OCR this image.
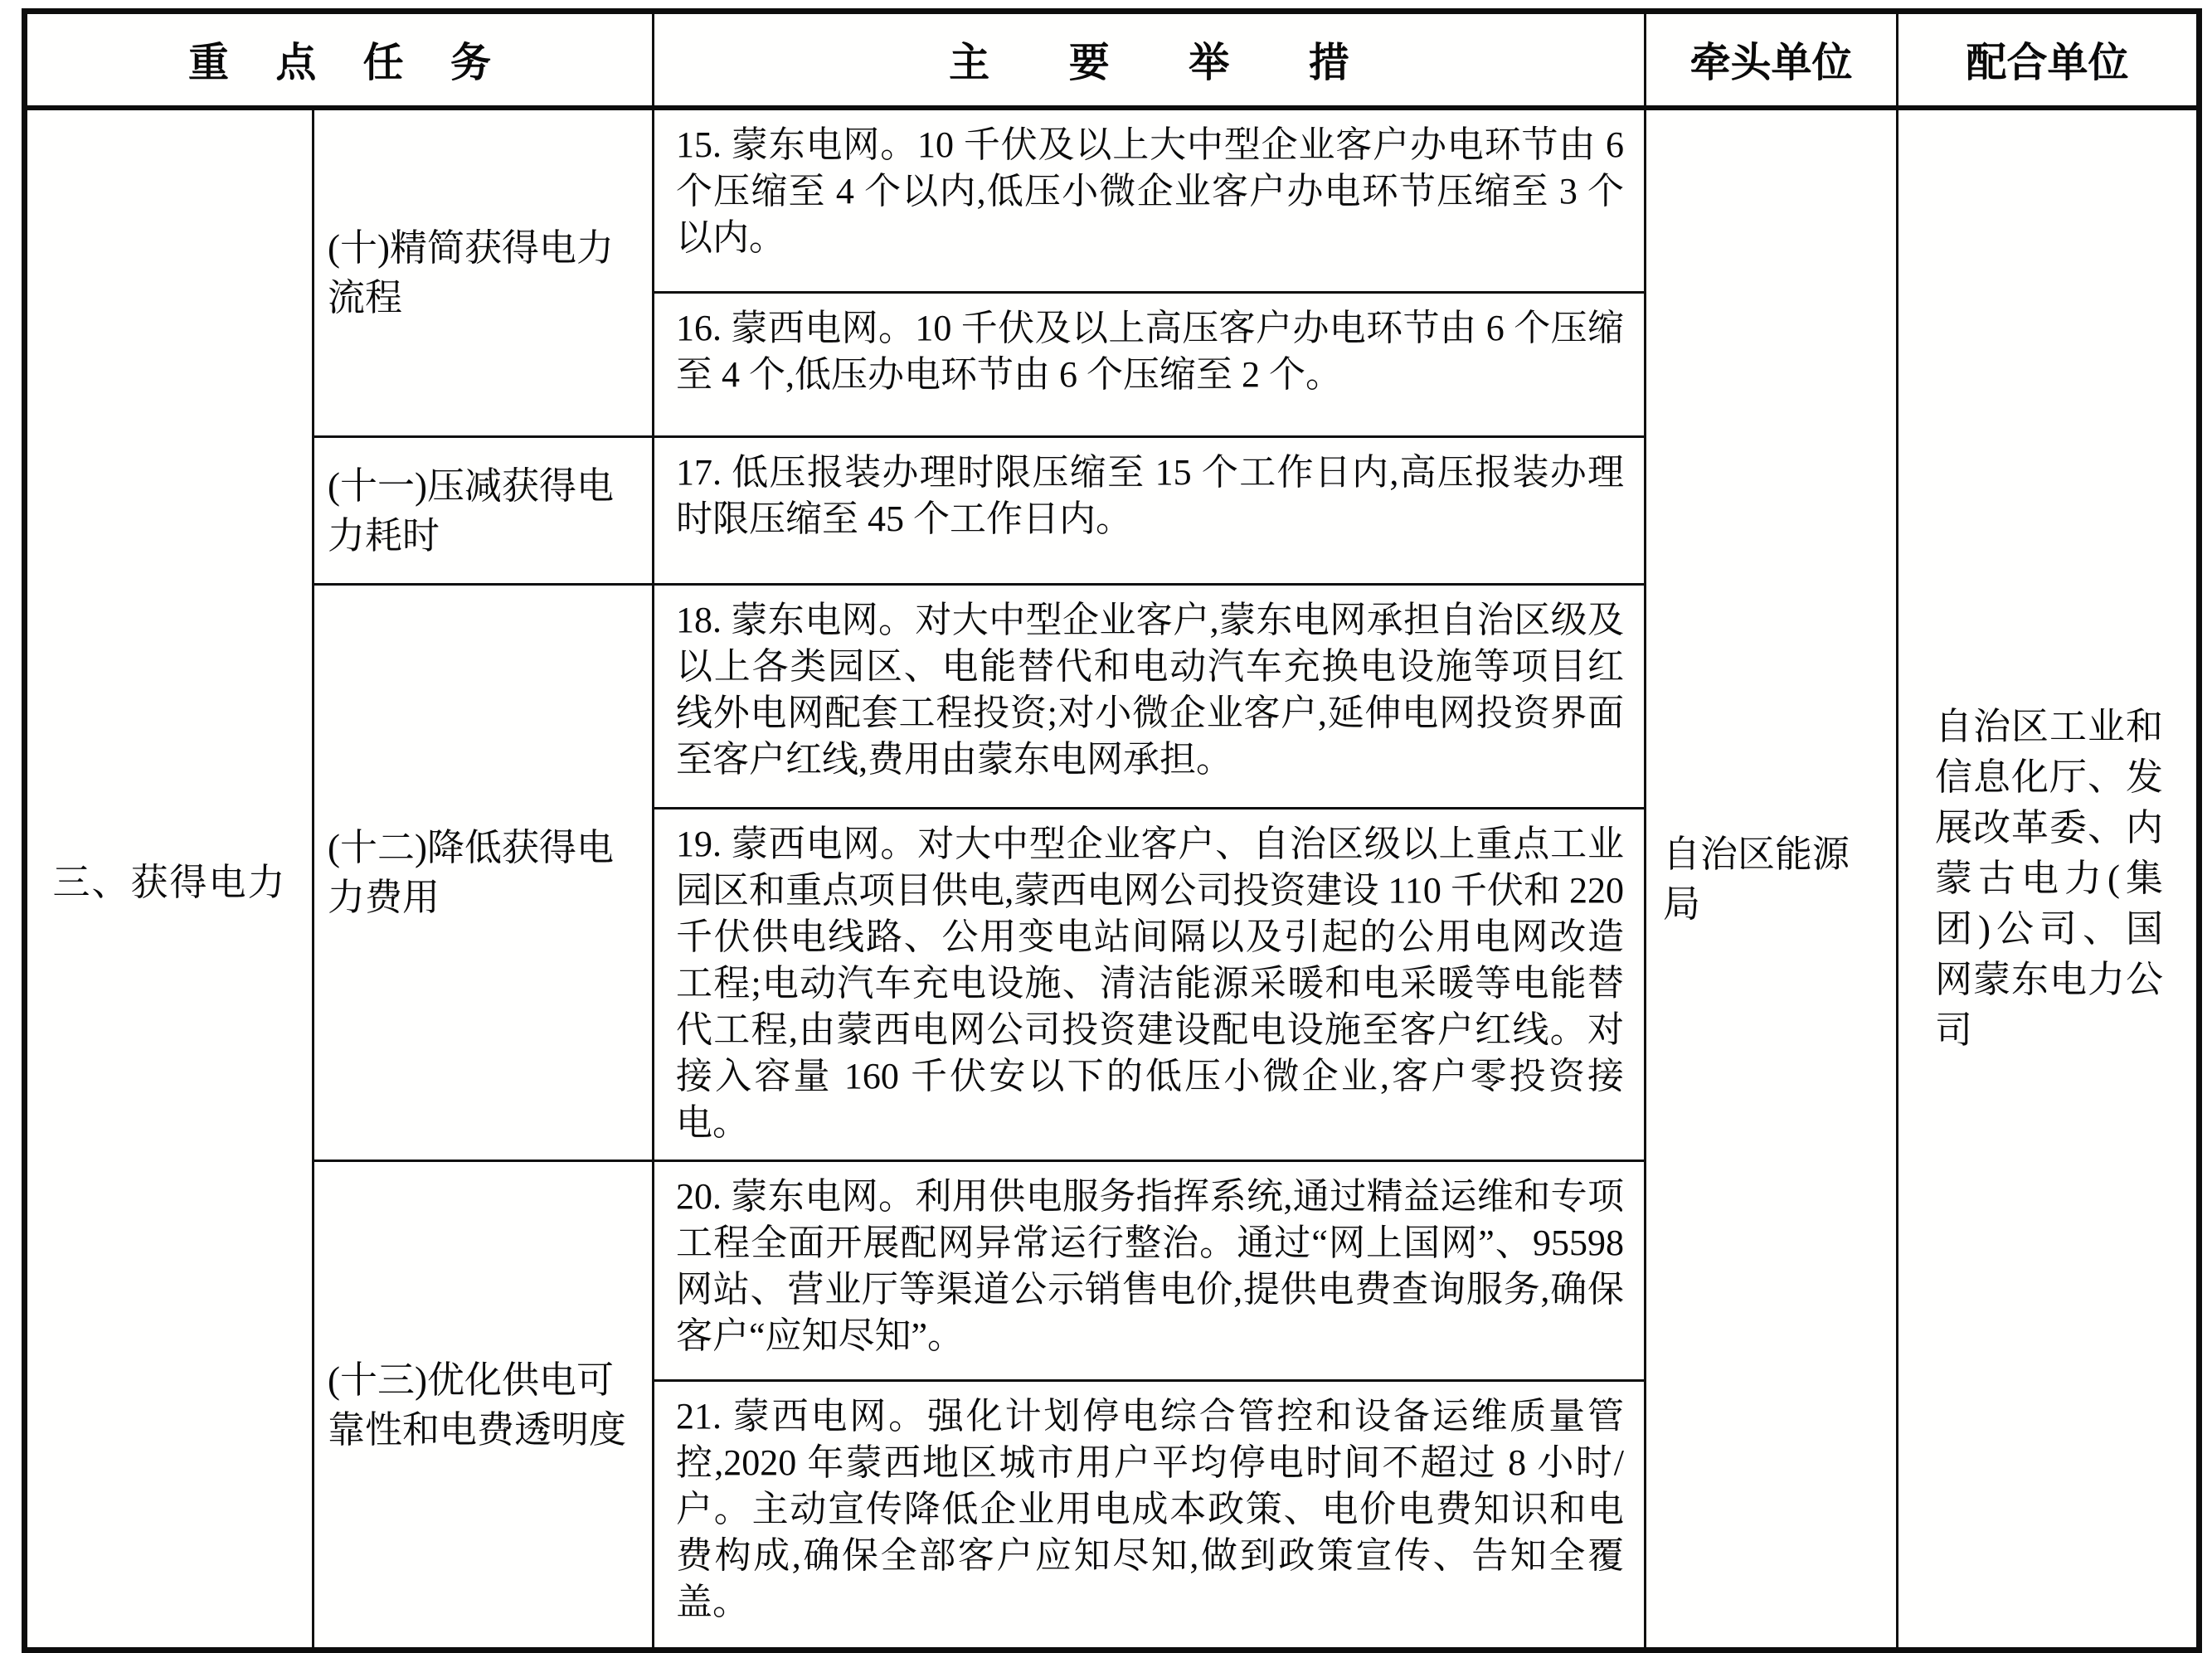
重点任务		主要举措	牵头单位	配合单位
三、获得电力	(十)精简获得电力流程	15. 蒙东电网。10 千伏及以上大中型企业客户办电环节由 6 个压缩至 4 个以内,低压小微企业客户办电环节压缩至 3 个以内。	自治区能源局	自治区工业和信息化厅、发展改革委、内蒙古电力(集团)公司、国网蒙东电力公司
		16. 蒙西电网。10 千伏及以上高压客户办电环节由 6 个压缩至 4 个,低压办电环节由 6 个压缩至 2 个。		
	(十一)压减获得电力耗时	17. 低压报装办理时限压缩至 15 个工作日内,高压报装办理时限压缩至 45 个工作日内。		
	(十二)降低获得电力费用	18. 蒙东电网。对大中型企业客户,蒙东电网承担自治区级及以上各类园区、电能替代和电动汽车充换电设施等项目红线外电网配套工程投资;对小微企业客户,延伸电网投资界面至客户红线,费用由蒙东电网承担。		
		19. 蒙西电网。对大中型企业客户、自治区级以上重点工业园区和重点项目供电,蒙西电网公司投资建设 110 千伏和 220 千伏供电线路、公用变电站间隔以及引起的公用电网改造工程;电动汽车充电设施、清洁能源采暖和电采暖等电能替代工程,由蒙西电网公司投资建设配电设施至客户红线。对接入容量 160 千伏安以下的低压小微企业,客户零投资接电。		
	(十三)优化供电可靠性和电费透明度	20. 蒙东电网。利用供电服务指挥系统,通过精益运维和专项工程全面开展配网异常运行整治。通过“网上国网”、95598 网站、营业厅等渠道公示销售电价,提供电费查询服务,确保客户“应知尽知”。		
		21. 蒙西电网。强化计划停电综合管控和设备运维质量管控,2020 年蒙西地区城市用户平均停电时间不超过 8 小时/户。主动宣传降低企业用电成本政策、电价电费知识和电费构成,确保全部客户应知尽知,做到政策宣传、告知全覆盖。		
